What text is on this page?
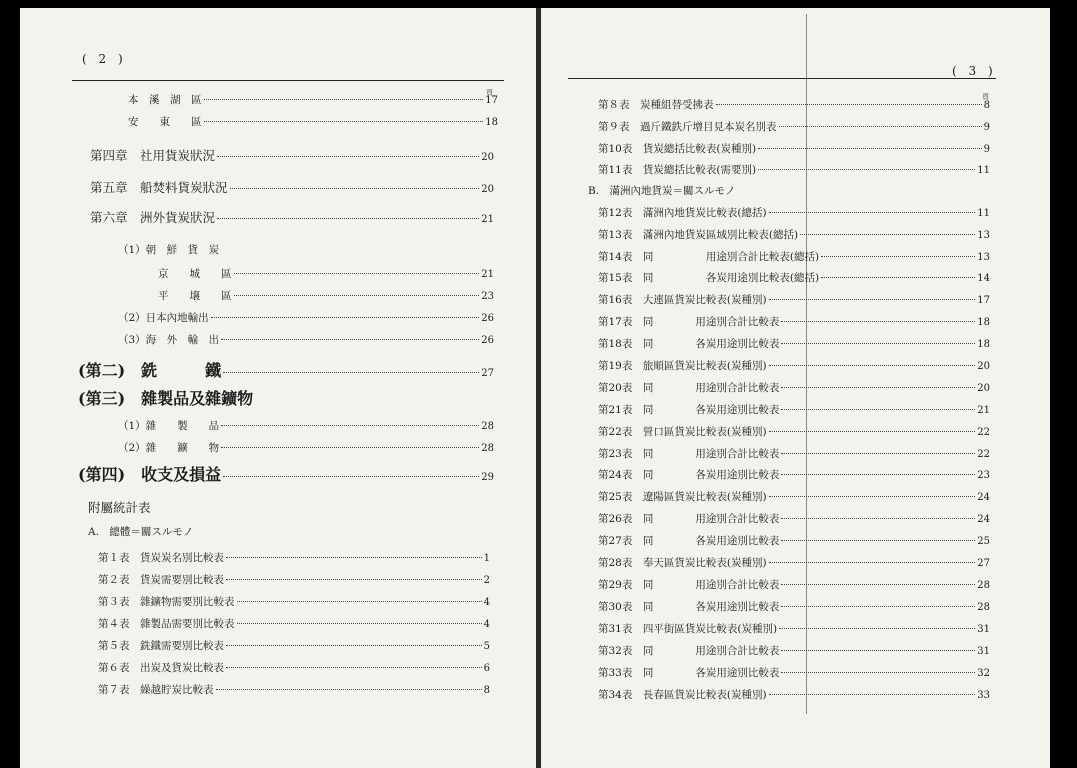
( 2 )
( 3 )
本　溪　湖　區	17
頁
安　　東　　區	18
第四章　社用貨炭狀況	20
第五章　船焚料貨炭狀況	20
第六章　洲外貨炭狀況	21
（1）朝　鮮　貨　炭
京　　城　　區	21
平　　壌　　區	23
（2）日本內地輸出	26
（3）海　外　輸　出	26
(第二)　銑　　　鐵	27
(第三)　雜製品及雜鑛物
（1）雜　　製　　品	28
（2）雜　　鑛　　物	28
(第四)　收支及損益	29
附屬統計表
A.　總體＝關スルモノ
第１表　貨炭炭名別比較表	1
第２表　貨炭需要別比較表	2
第３表　雜鑛物需要別比較表	4
第４表　雜製品需要別比較表	4
第５表　銑鐵需要別比較表	5
第６表　出炭及貨炭比較表	6
第７表　繰越貯炭比較表	8
頁
第８表　炭種組替受拂表	8
第９表　過斤鐵鉄斤增目見本炭名別表	9
第10表　貨炭總括比較表(炭種別)	9
第11表　貨炭總括比較表(需要別)	11
B.　滿洲內地貨炭＝關スルモノ
第12表　滿洲內地貨炭比較表(總括)	11
第13表　滿洲內地貨炭區域別比較表(總括)	13
第14表　同　　　　　用途別合計比較表(總括)	13
第15表　同　　　　　各炭用途別比較表(總括)	14
第16表　大連區貨炭比較表(炭種別)	17
第17表　同　　　　用途別合計比較表	18
第18表　同　　　　各炭用途別比較表	18
第19表　旅順區貨炭比較表(炭種別)	20
第20表　同　　　　用途別合計比較表	20
第21表　同　　　　各炭用途別比較表	21
第22表　營口區貨炭比較表(炭種別)	22
第23表　同　　　　用途別合計比較表	22
第24表　同　　　　各炭用途別比較表	23
第25表　遼陽區貨炭比較表(炭種別)	24
第26表　同　　　　用途別合計比較表	24
第27表　同　　　　各炭用途別比較表	25
第28表　奉天區貨炭比較表(炭種別)	27
第29表　同　　　　用途別合計比較表	28
第30表　同　　　　各炭用途別比較表	28
第31表　四平街區貨炭比較表(炭種別)	31
第32表　同　　　　用途別合計比較表	31
第33表　同　　　　各炭用途別比較表	32
第34表　長春區貨炭比較表(炭種別)	33
